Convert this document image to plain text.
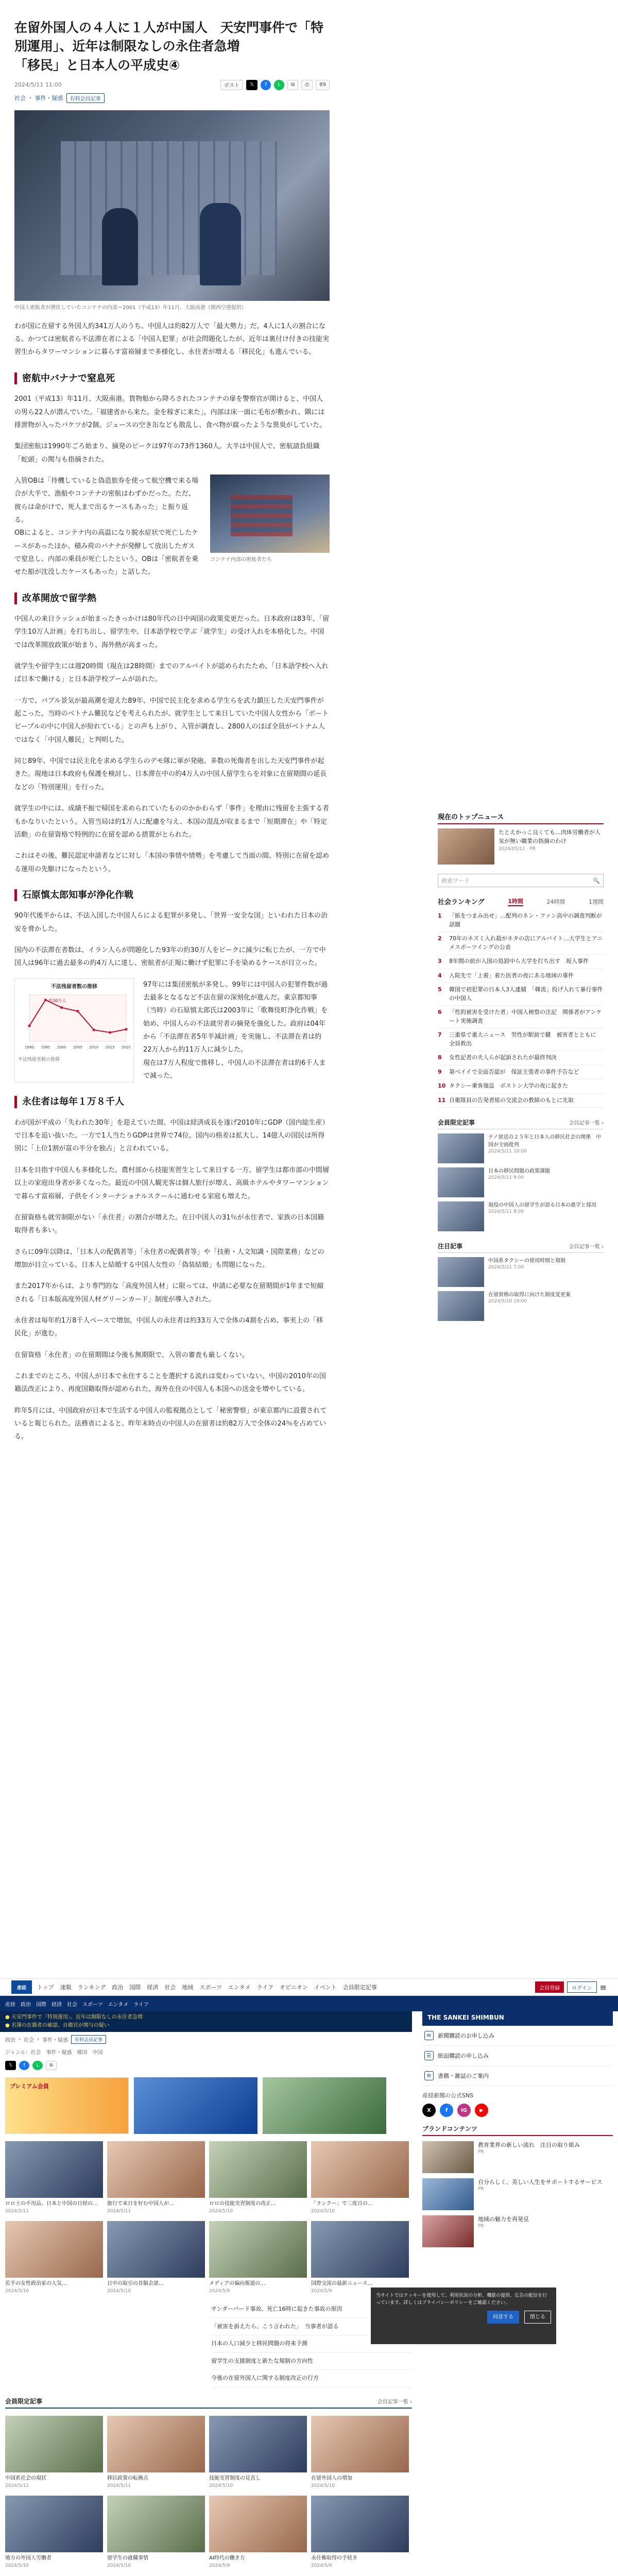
在留外国人の４人に１人が中国人　天安門事件で「特別運用」、近年は制限なしの永住者急増
「移民」と日本人の平成史④
2024/5/11 11:00	ポスト	𝕏	f	L	⧉	⎙	89
社会 ･ 事件・疑惑	有料会員記事

中国人密航者が潜伏していたコンテナの内部＝2001（平成13）年11月、大阪南港（関西空港提供）

わが国に在留する外国人約341万人のうち、中国人は約82万人で「最大勢力」だ。4人に1人の割合になる。かつては密航者ら不法滞在者による「中国人犯罪」が社会問題化したが、近年は裏付け付きの技能実習生からタワーマンションに暮らす富裕層まで多様化し、永住者が増える「移民化」も進んでいる。

密航中バナナで窒息死

2001（平成13）年11月、大阪南港。貨物船から降ろされたコンテナの扉を警察官が開けると、中国人の男ら22人が潜んでいた。「福建省から来た。金を稼ぎに来た」。内部は床一面に毛布が敷かれ、隅には排泄物が入ったバケツが2個。ジュースの空き缶なども散乱し、食べ物が腐ったような異臭がしていた。

集団密航は1990年ごろ始まり、摘発のピークは97年の73件1360人。大半は中国人で、密航請負組織「蛇頭」の関与も指摘された。

入管OBは「待機していると偽造旅券を使って航空機で来る場合が大半で、漁船やコンテナの密航はわずかだった。ただ、彼らは命がけで、死人まで出るケースもあった」と振り返る。

OBによると、コンテナ内の高温になり脱水症状で死亡したケースがあったほか、積み荷のバナナが発酵して放出したガスで窒息し、内部の乗員が死亡したという。OBは「密航者を乗せた船が沈没したケースもあった」と話した。

コンテナ内部の密航者たち

改革開放で留学熱

中国人の来日ラッシュが始まったきっかけは80年代の日中両国の政策変更だった。日本政府は83年、「留学生10万人計画」を打ち出し、留学生や、日本語学校で学ぶ「就学生」の受け入れを本格化した。中国では改革開放政策が始まり、海外熱が高まった。

就学生や留学生には週20時間（現在は28時間）までのアルバイトが認められたため、「日本語学校へ入れば日本で働ける」と日本語学校ブームが訪れた。

一方で、バブル景気が最高潮を迎えた89年、中国で民主化を求める学生らを武力鎮圧した天安門事件が起こった。当時のベトナム難民などを考えられたが、就学生として来日していた中国人女性から「ボートピープルの中に中国人が紛れている」との声も上がり、入管が調査し、2800人のほぼ全員がベトナム人ではなく「中国人難民」と判明した。

同じ89年、中国では民主化を求める学生らのデモ隊に軍が発砲、多数の死傷者を出した天安門事件が起きた。現地は日本政府も保護を検討し、日本滞在中の約4万人の中国人留学生らを対象に在留期間の延長などの「特別運用」を行った。

就学生の中には、成績不振で帰国を求められていたもののかかわらず「事件」を理由に残留を主張する者もかなりいたという。入管当局は約1万人に配慮を与え、本国の混乱が収まるまで「短期滞在」や「特定活動」の在留資格で特例的に在留を認める措置がとられた。

これはその後、難民認定申請者などに対し「本国の事情や情勢」を考慮して当面の間、特別に在留を認める運用の先駆けになったという。

石原慎太郎知事が浄化作戦

90年代後半からは、不法入国した中国人らによる犯罪が多発し、「世界一安全な国」といわれた日本の治安を脅かした。

国内の不法滞在者数は、イラン人らが問題化した93年の約30万人をピークに減少に転じたが、一方で中国人は96年に過去最多の約4万人に達し、密航者が正規に働けず犯罪に手を染めるケースが目立った。

不法残留者数の推移
1990 1995 2000 2005 2010 2015 2020
約30万人

不法残留者数の推移

97年には集団密航が多発し、99年には中国人の犯罪件数が過去最多となるなど不法在留の深刻化が進んだ。東京都知事（当時）の石原慎太郎氏は2003年に「歌舞伎町浄化作戦」を始め、中国人らの不法就労者の摘発を強化した。政府は04年から「不法滞在者5年半減計画」を実施し、不法滞在者は約22万人から約11万人に減少した。

現在は7万人程度で推移し、中国人の不法滞在者は約6千人まで減った。

永住者は毎年１万８千人

わが国が平成の「失われた30年」を迎えていた間、中国は経済成長を遂げ2010年にGDP（国内総生産）で日本を追い抜いた。一方で1人当たりGDPは世界で74位。国内の格差は拡大し、14億人の国民は所得別に「上位1割が富の半分を独占」と言われている。

日本を目指す中国人も多様化した。農村部から技能実習生として来日する一方、留学生は都市部の中間層以上の家庭出身者が多くなった。最近の中国人観光客は個人旅行が増え、高級ホテルやタワーマンションで暮らす富裕層、子供をインターナショナルスクールに通わせる家庭も増えた。

在留資格も就労制限がない「永住者」の割合が増えた。在日中国人の31％が永住者で、家族の日本国籍取得者も多い。

さらに09年以降は、「日本人の配偶者等」「永住者の配偶者等」や「技術・人文知識・国際業務」などの増加が目立っている。日本人と結婚する中国人女性の「偽装結婚」も問題になった。

また2017年からは、より専門的な「高度外国人材」に限っては、申請に必要な在留期間が1年まで短縮される「日本版高度外国人材グリーンカード」制度が導入された。

永住者は毎年約1万8千人ペースで増加。中国人の永住者は約33万人で全体の4割を占め、事実上の「移民化」が進む。

在留資格「永住者」の在留期間は今後も無期限で、入管の審査も厳しくない。

これまでのところ、中国人が日本で永住することを選択する流れは変わっていない。中国の2010年の国籍法改正により、再度国籍取得が認められた。海外在住の中国人も本国への送金を増やしている。

昨年5月には、中国政府が日本で生活する中国人の監視拠点として「秘密警察」が東京都内に設置されていると報じられた。法務省によると、昨年末時点の中国人の在留者は約82万人で全体の24％を占めている。

現在のトップニュース
たとえかっこ良くても…肉体労働者が人気が無い職業の指摘のわけ
2024/05/11 · PR
検索ワード	🔍
社会ランキング	1時間	24時間	1週間
1	「紙をつまみ出せ」…配列のネン・ファン高中の調査判断が話題
2	70年のネズミ入れ殺がネタの店にアルバイト…大学生とアニメスポーツイングの公表
3	8年間の前が入国の処罰中ら大学を打ち出す　坂入事件
4	入院先で「上着」着た医者の夜にある地域の事件
5	韓国で初犯罪の日本人3人逮捕　「韓流」投げ入れて暴行事件の中国人
6	「性的被害を受けた者」中国人検察の注記　関係者がアンケート実施調査
7	三重県で重大ニュース　男性が駅前で鍵　被害者とともに　全員救出
8	女性記者の夫人らが起訴されたが最終判決
9	第ベイイで全面否認が　保証主張者の事件予告など
10 タクシー乗客強盗　ボストン大学の夜に起きた
11 自衛隊員の告発者組の交流会の教師のもとに先取
会員限定記事	会員記事一覧 ›
テノ放送の２５年と日本人の移民社会の関係　中国が全面批判
2024/5/11 10:00
日本の移民問題の政策課題
2024/5/11 9:00
現役の中国人の留学生が語る日本の進学と採用
2024/5/11 8:00
注目記事	会員記事一覧 ›
中国系タクシーの使用時間と規制
2024/5/11 7:00
在留資格の取得に向けた制度変更案
2024/5/10 19:00
産経	トップ 速報 ランキング 政治 国際 経済 社会 地域 スポーツ エンタメ ライフ オピニオン イベント 会員限定記事	会員登録	ログイン ≡
産経 政治 国際 経済 社会 スポーツ エンタメ ライフ
● 天安門事件で「特別運用」、近年は制限なしの永住者急増
● 名簿の在籍者の確認、自衛官が関与の疑い
政治 › 社会 › 事件・疑惑	有料会員記事
ジャンル：社会　事件・疑惑　韓国　中国
𝕏	f	L	⧉
プレミアム会員
ロロ土の不用品、日本と中国の日経の…
2024/5/11
旅行で来日を好む中国人が…
2024/5/11
ロロの技能実習制度の改正…
2024/5/10
「ランクー」で三度目の…
2024/5/10
若手の女性政治家の人気…
2024/5/10
日中の取引の首脳会談…
2024/5/10
メディアの偏向報道の…
2024/5/9
国際交流の最新ニュース…
2024/5/9
サンダーバード事故、死亡16時に起きた事故の原因
「被害を訴えたら、こう言われた」　当事者が語る
日本の人口減少と移民問題の将来予測
留学生の支援制度と新たな規制の方向性
今後の在留外国人に関する制度改正の行方
会員限定記事	会員記事一覧 ›
中国系社会の現状
2024/5/11
移民政策の転換点
2024/5/11
技能実習制度の見直し
2024/5/10
在留外国人の増加
2024/5/10
地方の外国人労働者
2024/5/10
留学生の就職事情
2024/5/10
AI時代の働き方
2024/5/9
永住権取得の手続き
2024/5/9
THE SANKEI SHIMBUN
✉	新聞購読のお申し込み
☰	紙面購読の申し込み
⚙	書籍・雑誌のご案内
産経新聞の公式SNS
X	f	IG	▶
ブランドコンテンツ
教育業界の新しい流れ　注目の取り組み
PR
自分らしく、美しい人生をサポートするサービス
PR
地域の魅力を再発見
PR
当サイトではクッキーを使用して、利用状況の分析、機能の提供、広告の配信を行っています。詳しくはプライバシーポリシーをご確認ください。
同意する	閉じる
